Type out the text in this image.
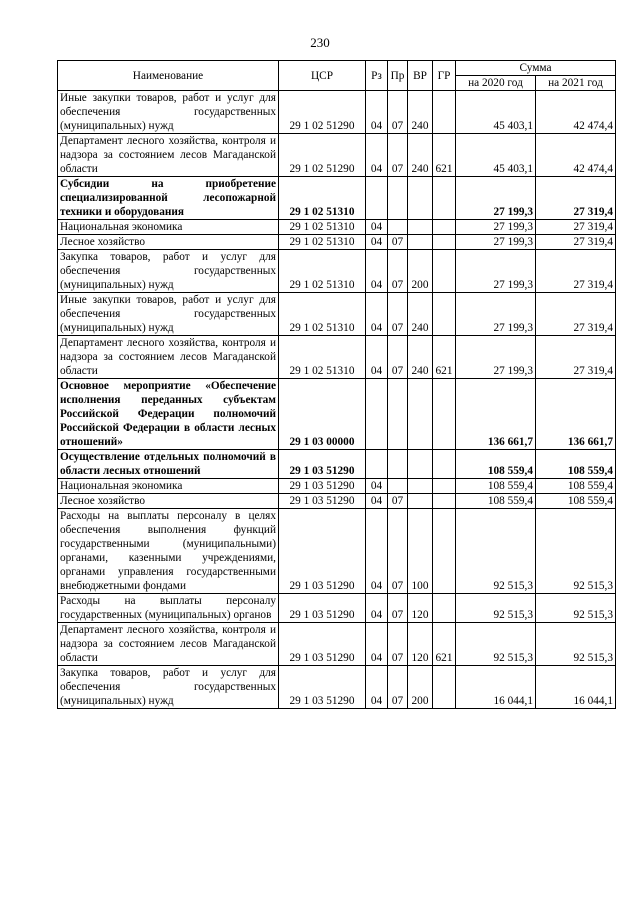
230
Наименование	ЦСР	Рз	Пр	ВР	ГР	Сумма	
						на 2020 год	на 2021 год
Иные закупки товаров, работ и услуг для обеспечения государственных (муниципальных) нужд	29 1 02 51290	04	07	240		45 403,1	42 474,4
Департамент лесного хозяйства, контроля и надзора за состоянием лесов Магаданской области	29 1 02 51290	04	07	240	621	45 403,1	42 474,4
Субсидии на приобретение специализированной лесопожарной техники и оборудования	29 1 02 51310					27 199,3	27 319,4
Национальная экономика	29 1 02 51310	04				27 199,3	27 319,4
Лесное хозяйство	29 1 02 51310	04	07			27 199,3	27 319,4
Закупка товаров, работ и услуг для обеспечения государственных (муниципальных) нужд	29 1 02 51310	04	07	200		27 199,3	27 319,4
Иные закупки товаров, работ и услуг для обеспечения государственных (муниципальных) нужд	29 1 02 51310	04	07	240		27 199,3	27 319,4
Департамент лесного хозяйства, контроля и надзора за состоянием лесов Магаданской области	29 1 02 51310	04	07	240	621	27 199,3	27 319,4
Основное мероприятие «Обеспечение исполнения переданных субъектам Российской Федерации полномочий Российской Федерации в области лесных отношений»	29 1 03 00000					136 661,7	136 661,7
Осуществление отдельных полномочий в области лесных отношений	29 1 03 51290					108 559,4	108 559,4
Национальная экономика	29 1 03 51290	04				108 559,4	108 559,4
Лесное хозяйство	29 1 03 51290	04	07			108 559,4	108 559,4
Расходы на выплаты персоналу в целях обеспечения выполнения функций государственными (муниципальными) органами, казенными учреждениями, органами управления государственными внебюджетными фондами	29 1 03 51290	04	07	100		92 515,3	92 515,3
Расходы на выплаты персоналу государственных (муниципальных) органов	29 1 03 51290	04	07	120		92 515,3	92 515,3
Департамент лесного хозяйства, контроля и надзора за состоянием лесов Магаданской области	29 1 03 51290	04	07	120	621	92 515,3	92 515,3
Закупка товаров, работ и услуг для обеспечения государственных (муниципальных) нужд	29 1 03 51290	04	07	200		16 044,1	16 044,1
